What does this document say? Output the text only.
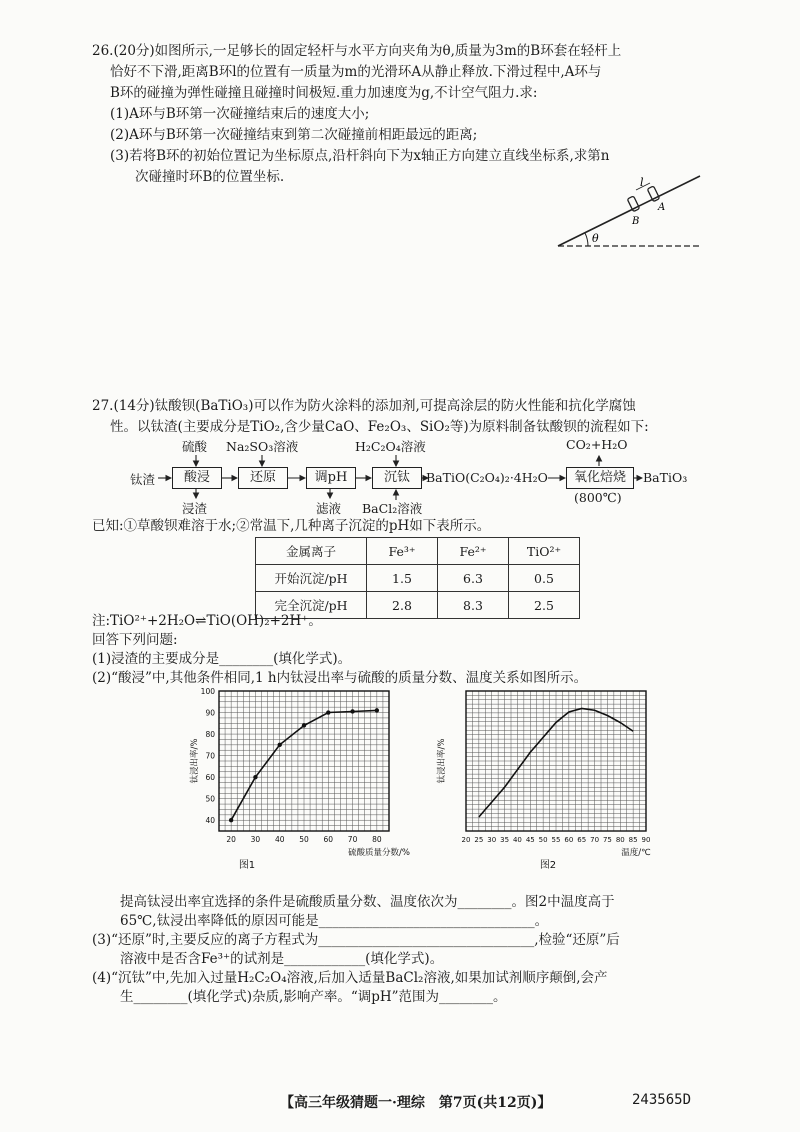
26.(20分)如图所示,一足够长的固定轻杆与水平方向夹角为θ,质量为3m的B环套在轻杆上
恰好不下滑,距离B环l的位置有一质量为m的光滑环A从静止释放.下滑过程中,A环与
B环的碰撞为弹性碰撞且碰撞时间极短.重力加速度为g,不计空气阻力.求:
(1)A环与B环第一次碰撞结束后的速度大小;
(2)A环与B环第一次碰撞结束到第二次碰撞前相距最远的距离;
(3)若将B环的初始位置记为坐标原点,沿杆斜向下为x轴正方向建立直线坐标系,求第n
次碰撞时环B的位置坐标.
θ
l
B
A
27.(14分)钛酸钡(BaTiO₃)可以作为防火涂料的添加剂,可提高涂层的防火性能和抗化学腐蚀
性。以钛渣(主要成分是TiO₂,含少量CaO、Fe₂O₃、SiO₂等)为原料制备钛酸钡的流程如下:
钛渣
硫酸
酸浸
浸渣
Na₂SO₃溶液
还原	调pH
滤液
H₂C₂O₄溶液
沉钛
BaCl₂溶液
BaTiO(C₂O₄)₂·4H₂O
CO₂+H₂O
氧化焙烧
(800℃)
BaTiO₃
已知:①草酸钡难溶于水;②常温下,几种离子沉淀的pH如下表所示。
金属离子	Fe³⁺	Fe²⁺	TiO²⁺
开始沉淀/pH	1.5	6.3	0.5
完全沉淀/pH	2.8	8.3	2.5
注:TiO²⁺+2H₂O⇌TiO(OH)₂+2H⁺。
回答下列问题:
(1)浸渣的主要成分是________(填化学式)。
(2)“酸浸”中,其他条件相同,1 h内钛浸出率与硫酸的质量分数、温度关系如图所示。
20 30 40 50 60 70 80
40
50
60
70
80
90
100
钛浸出率/%
硫酸质量分数/%
图1
20 25 30 35 40 45 50 55 60 65 70 75 80 85 90
钛浸出率/%
温度/℃
图2
提高钛浸出率宜选择的条件是硫酸质量分数、温度依次为________。图2中温度高于
65℃,钛浸出率降低的原因可能是________________________________。
(3)“还原”时,主要反应的离子方程式为________________________________,检验“还原”后
溶液中是否含Fe³⁺的试剂是____________(填化学式)。
(4)“沉钛”中,先加入过量H₂C₂O₄溶液,后加入适量BaCl₂溶液,如果加试剂顺序颠倒,会产
生________(填化学式)杂质,影响产率。“调pH”范围为________。
【高三年级猜题一·理综　第7页(共12页)】	243565D
